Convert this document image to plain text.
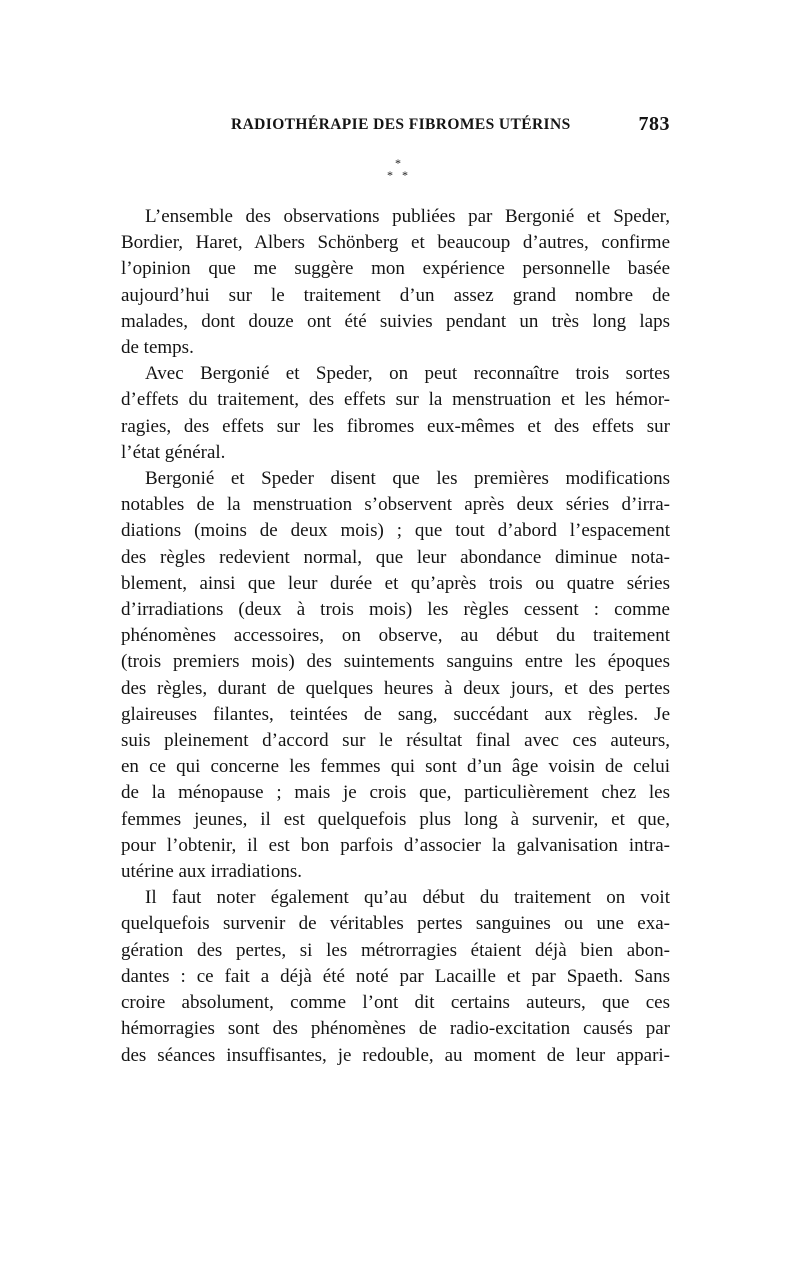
RADIOTHÉRAPIE DES FIBROMES UTÉRINS	783
*
* *
L’ensemble des observations publiées par Bergonié et Speder,
Bordier, Haret, Albers Schönberg et beaucoup d’autres, confirme
l’opinion que me suggère mon expérience personnelle basée
aujourd’hui sur le traitement d’un assez grand nombre de
malades, dont douze ont été suivies pendant un très long laps
de temps.
Avec Bergonié et Speder, on peut reconnaître trois sortes
d’effets du traitement, des effets sur la menstruation et les hémor-
ragies, des effets sur les fibromes eux-mêmes et des effets sur
l’état général.
Bergonié et Speder disent que les premières modifications
notables de la menstruation s’observent après deux séries d’irra-
diations (moins de deux mois) ; que tout d’abord l’espacement
des règles redevient normal, que leur abondance diminue nota-
blement, ainsi que leur durée et qu’après trois ou quatre séries
d’irradiations (deux à trois mois) les règles cessent : comme
phénomènes accessoires, on observe, au début du traitement
(trois premiers mois) des suintements sanguins entre les époques
des règles, durant de quelques heures à deux jours, et des pertes
glaireuses filantes, teintées de sang, succédant aux règles. Je
suis pleinement d’accord sur le résultat final avec ces auteurs,
en ce qui concerne les femmes qui sont d’un âge voisin de celui
de la ménopause ; mais je crois que, particulièrement chez les
femmes jeunes, il est quelquefois plus long à survenir, et que,
pour l’obtenir, il est bon parfois d’associer la galvanisation intra-
utérine aux irradiations.
Il faut noter également qu’au début du traitement on voit
quelquefois survenir de véritables pertes sanguines ou une exa-
gération des pertes, si les métrorragies étaient déjà bien abon-
dantes : ce fait a déjà été noté par Lacaille et par Spaeth. Sans
croire absolument, comme l’ont dit certains auteurs, que ces
hémorragies sont des phénomènes de radio-excitation causés par
des séances insuffisantes, je redouble, au moment de leur appari-
